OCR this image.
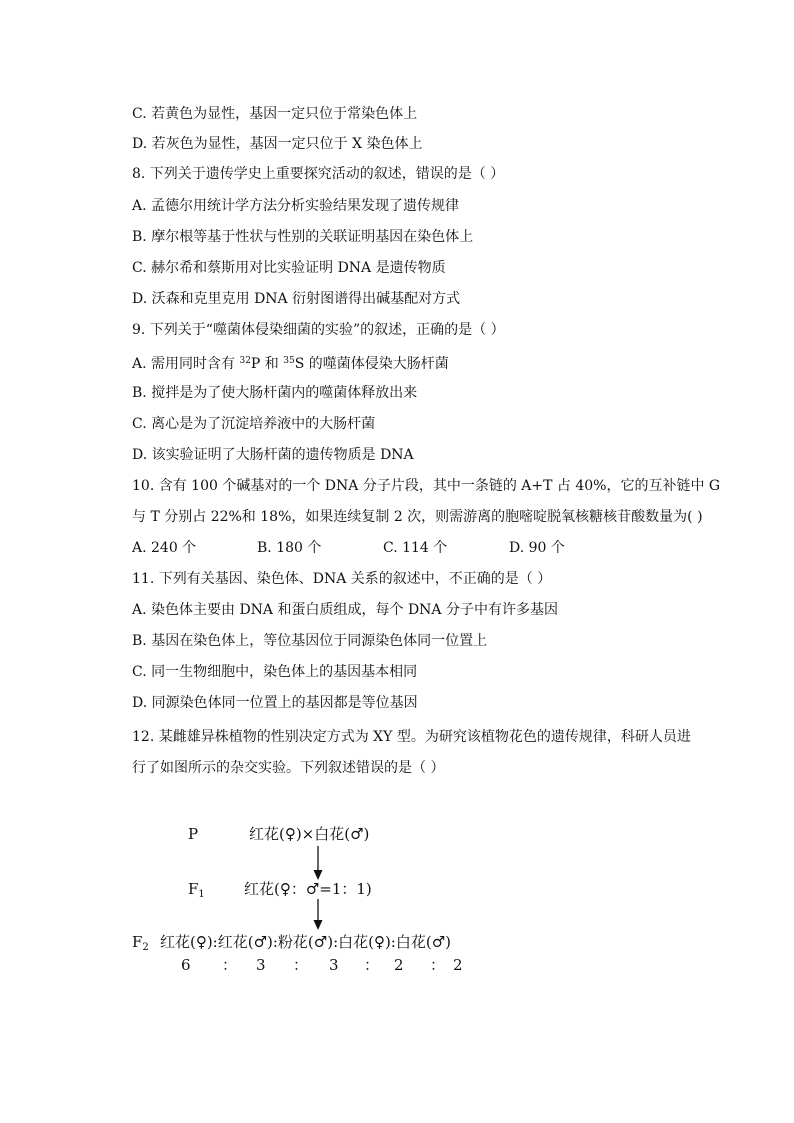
C. 若黄色为显性，基因一定只位于常染色体上
D. 若灰色为显性，基因一定只位于 X 染色体上
8. 下列关于遗传学史上重要探究活动的叙述，错误的是（ ）
A. 孟德尔用统计学方法分析实验结果发现了遗传规律
B. 摩尔根等基于性状与性别的关联证明基因在染色体上
C. 赫尔希和蔡斯用对比实验证明 DNA 是遗传物质
D. 沃森和克里克用 DNA 衍射图谱得出碱基配对方式
9. 下列关于“噬菌体侵染细菌的实验”的叙述，正确的是（ ）
B. 搅拌是为了使大肠杆菌内的噬菌体释放出来
C. 离心是为了沉淀培养液中的大肠杆菌
D. 该实验证明了大肠杆菌的遗传物质是 DNA
10. 含有 100 个碱基对的一个 DNA 分子片段，其中一条链的 A+T 占 40%，它的互补链中 G
与 T 分别占 22%和 18%，如果连续复制 2 次，则需游离的胞嘧啶脱氧核糖核苷酸数量为( )
11. 下列有关基因、染色体、DNA 关系的叙述中，不正确的是（ ）
A. 染色体主要由 DNA 和蛋白质组成，每个 DNA 分子中有许多基因
B. 基因在染色体上，等位基因位于同源染色体同一位置上
C. 同一生物细胞中，染色体上的基因基本相同
D. 同源染色体同一位置上的基因都是等位基因
12. 某雌雄异株植物的性别决定方式为 XY 型。为研究该植物花色的遗传规律，科研人员进
行了如图所示的杂交实验。下列叙述错误的是（ ）
A. 需用同时含有 $^{32}$P 和 $^{35}$S 的噬菌体侵染大肠杆菌
A. 240 个	B. 180 个	C. 114 个	D. 90 个
P	红花(♀)×白花(♂)
$F_1$	红花(♀：♂=1：1)
$F_2$ 红花(♀):红花(♂):粉花(♂):白花(♀):白花(♂)
6 ： 3 ： 3 ： 2 ： 2
